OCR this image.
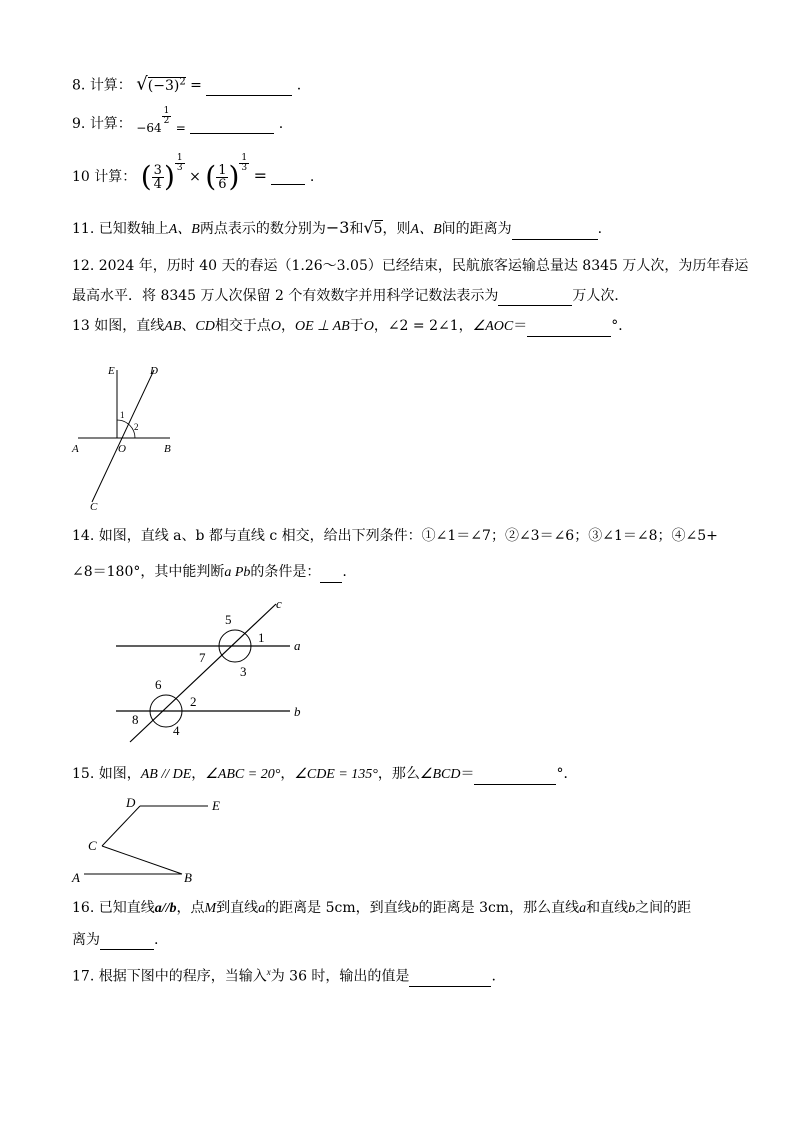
8. 计算： $√(-3)^2$ =	.
9. 计算： −64
$\frac{1}{2}$
=	.
10 计算： ( $\frac{3}{4}$ ) $\frac{1}{3}$
× ( $\frac{1}{6}$ ) $\frac{1}{3}$
=	.
11. 已知数轴上A、B两点表示的数分别为−3和√5，则A、B间的距离为	.
12. 2024 年，历时 40 天的春运（1.26～3.05）已经结束，民航旅客运输总量达 8345 万人次，为历年春运
最高水平．将 8345 万人次保留 2 个有效数字并用科学记数法表示为	万人次．
13 如图，直线AB、CD相交于点O，OE ⊥ AB于O，∠2 = 2∠1，∠AOC＝	°．
E	D
1
2
A	O	B
C
14. 如图，直线 a、b 都与直线 c 相交，给出下列条件：①∠1＝∠7；②∠3＝∠6；③∠1＝∠8；④∠5+
∠8＝180°，其中能判断a Pb的条件是： .
c
a
b
5
1
7
3
6
2
8
4
15. 如图，AB // DE，∠ABC = 20°，∠CDE = 135°，那么∠BCD＝	°．
D	E
C
A	B
16. 已知直线a//b，点M到直线a的距离是 5cm，到直线b的距离是 3cm，那么直线a和直线b之间的距
离为	.
17. 根据下图中的程序，当输入$^x$为 36 时，输出的值是	.
